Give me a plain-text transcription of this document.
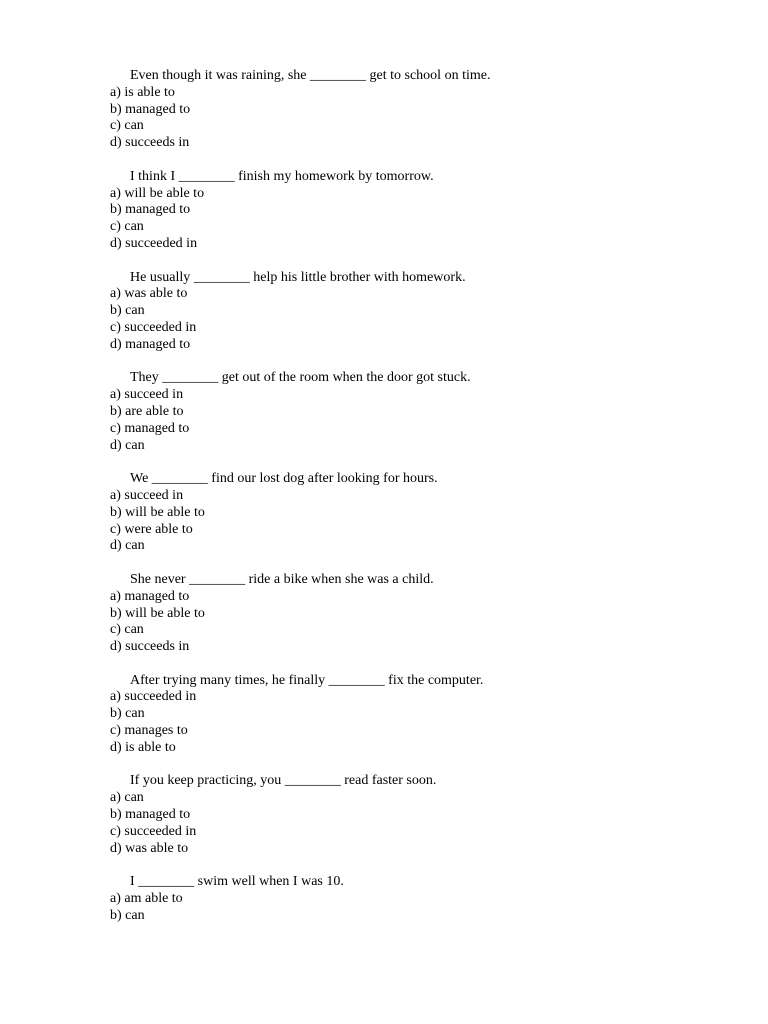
Even though it was raining, she ________ get to school on time.
a) is able to
b) managed to
c) can
d) succeeds in
I think I ________ finish my homework by tomorrow.
a) will be able to
b) managed to
c) can
d) succeeded in
He usually ________ help his little brother with homework.
a) was able to
b) can
c) succeeded in
d) managed to
They ________ get out of the room when the door got stuck.
a) succeed in
b) are able to
c) managed to
d) can
We ________ find our lost dog after looking for hours.
a) succeed in
b) will be able to
c) were able to
d) can
She never ________ ride a bike when she was a child.
a) managed to
b) will be able to
c) can
d) succeeds in
After trying many times, he finally ________ fix the computer.
a) succeeded in
b) can
c) manages to
d) is able to
If you keep practicing, you ________ read faster soon.
a) can
b) managed to
c) succeeded in
d) was able to
I ________ swim well when I was 10.
a) am able to
b) can
